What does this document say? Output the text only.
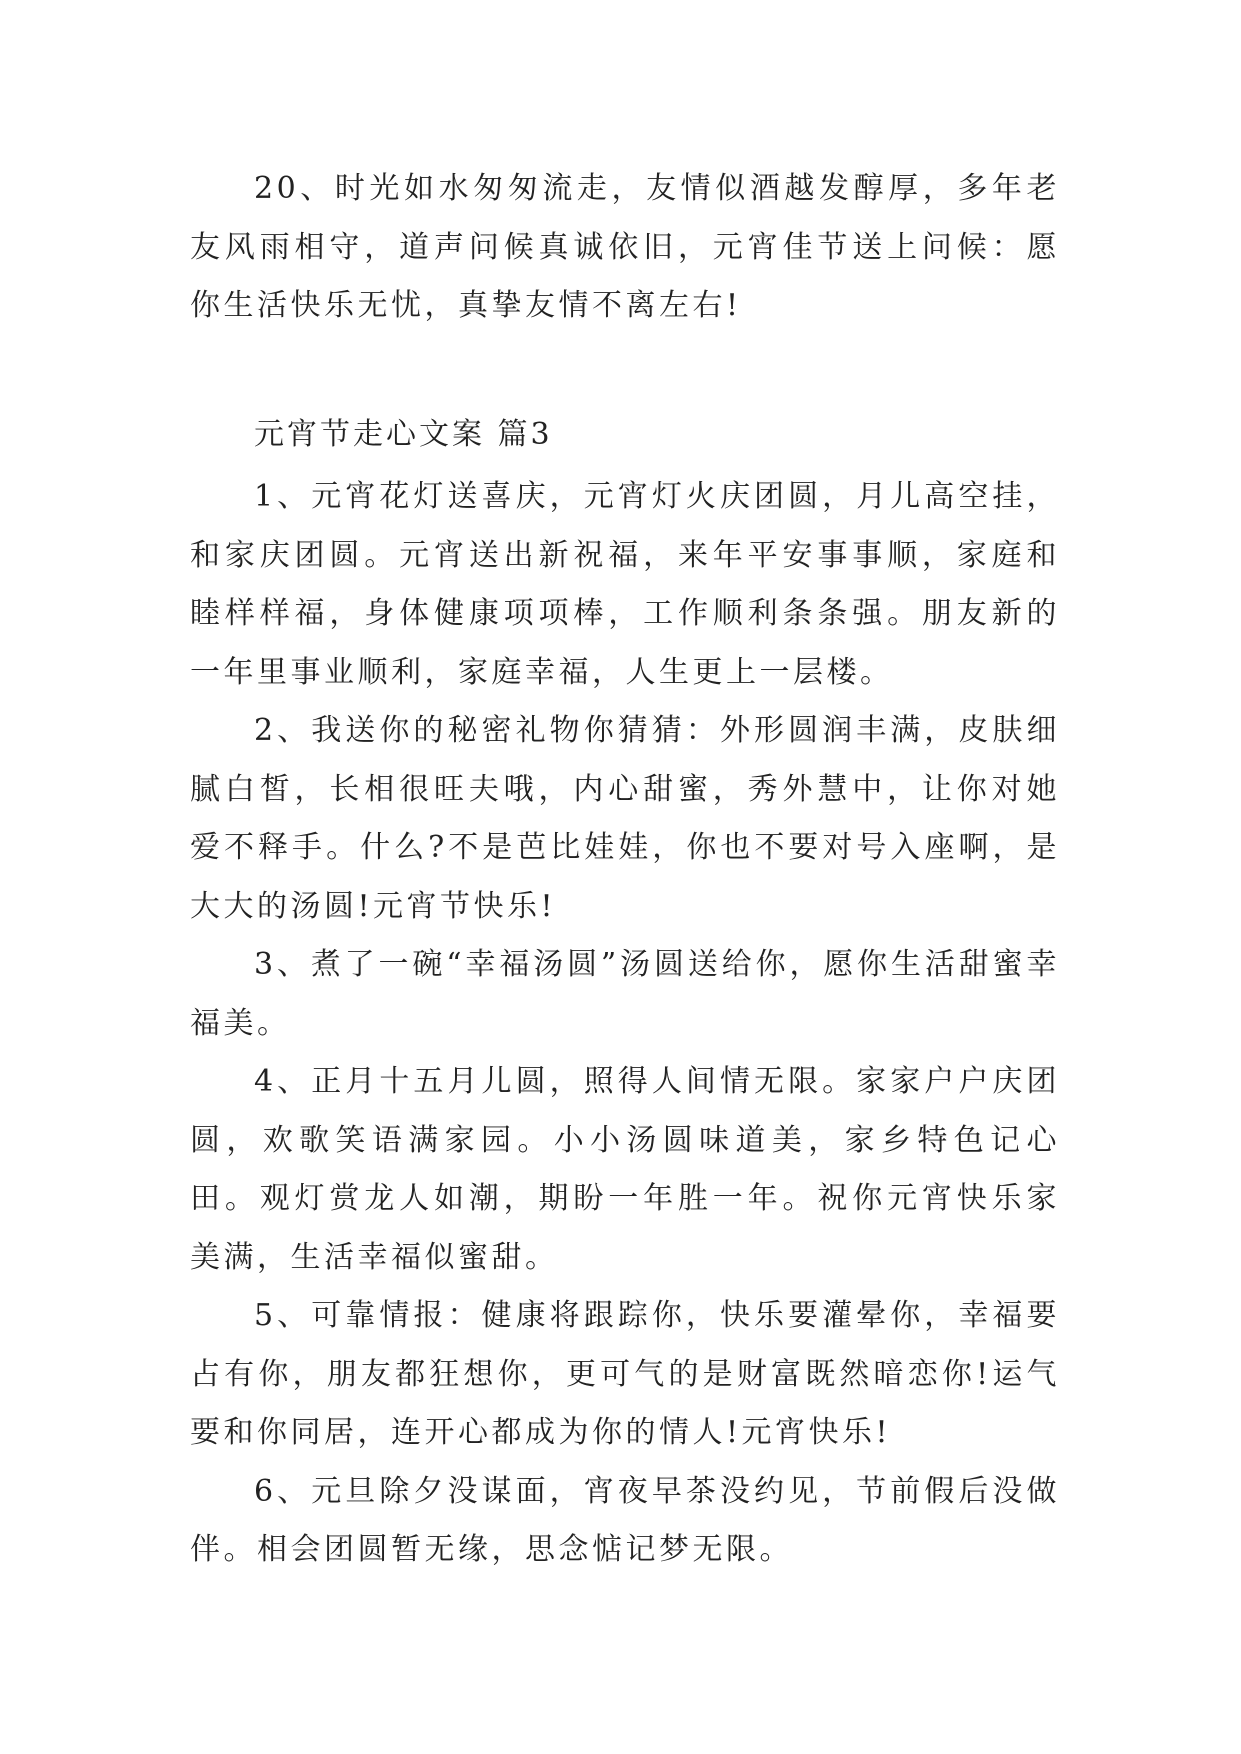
20、时光如水匆匆流走，友情似酒越发醇厚，多年老友风雨相守，道声问候真诚依旧，元宵佳节送上问候：愿你生活快乐无忧，真挚友情不离左右!

元宵节走心文案 篇3

1、元宵花灯送喜庆，元宵灯火庆团圆，月儿高空挂，和家庆团圆。元宵送出新祝福，来年平安事事顺，家庭和睦样样福，身体健康项项棒，工作顺利条条强。朋友新的一年里事业顺利，家庭幸福，人生更上一层楼。

2、我送你的秘密礼物你猜猜：外形圆润丰满，皮肤细腻白皙，长相很旺夫哦，内心甜蜜，秀外慧中，让你对她爱不释手。什么?不是芭比娃娃，你也不要对号入座啊，是大大的汤圆!元宵节快乐!

3、煮了一碗“幸福汤圆”汤圆送给你，愿你生活甜蜜幸福美。

4、正月十五月儿圆，照得人间情无限。家家户户庆团圆，欢歌笑语满家园。小小汤圆味道美，家乡特色记心田。观灯赏龙人如潮，期盼一年胜一年。祝你元宵快乐家美满，生活幸福似蜜甜。

5、可靠情报：健康将跟踪你，快乐要灌晕你，幸福要占有你，朋友都狂想你，更可气的是财富既然暗恋你!运气要和你同居，连开心都成为你的情人!元宵快乐!

6、元旦除夕没谋面，宵夜早茶没约见，节前假后没做伴。相会团圆暂无缘，思念惦记梦无限。
